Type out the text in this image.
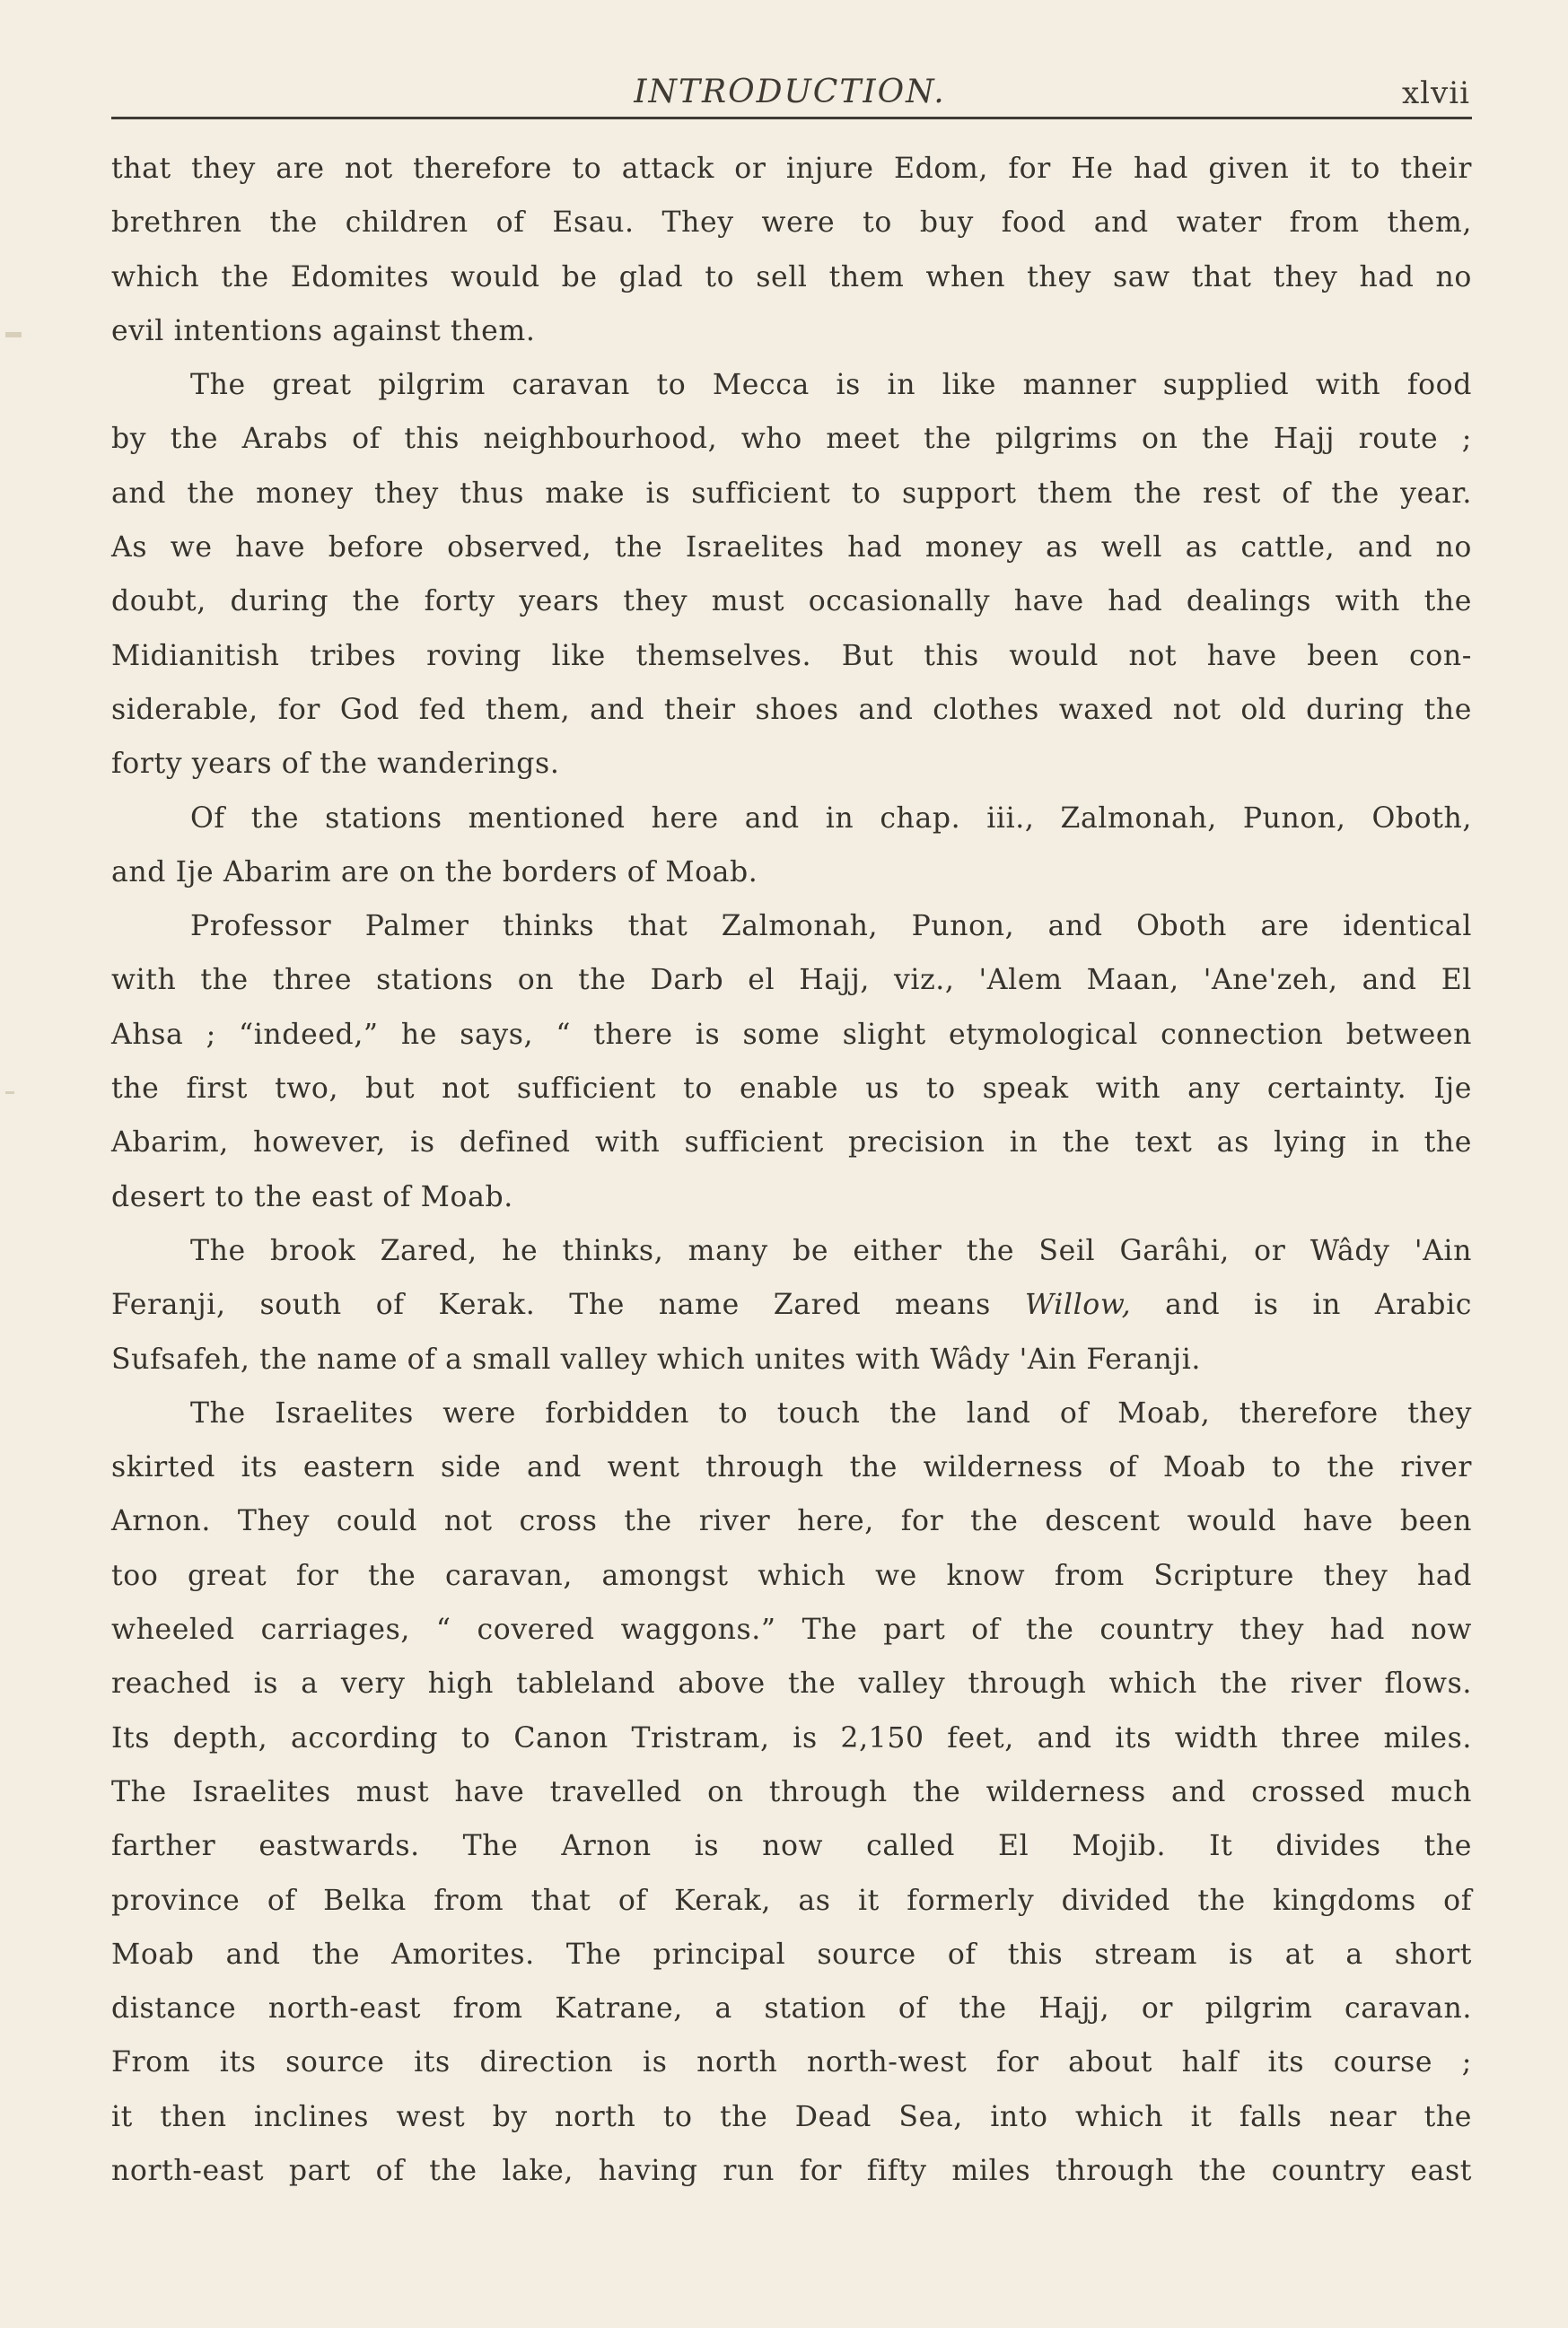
INTRODUCTION.	xlvii
that they are not therefore to attack or injure Edom, for He had given it to their
brethren the children of Esau. They were to buy food and water from them,
which the Edomites would be glad to sell them when they saw that they had no
evil intentions against them.
The great pilgrim caravan to Mecca is in like manner supplied with food
by the Arabs of this neighbourhood, who meet the pilgrims on the Hajj route ;
and the money they thus make is sufficient to support them the rest of the year.
As we have before observed, the Israelites had money as well as cattle, and no
doubt, during the forty years they must occasionally have had dealings with the
Midianitish tribes roving like themselves. But this would not have been con-
siderable, for God fed them, and their shoes and clothes waxed not old during the
forty years of the wanderings.
Of the stations mentioned here and in chap. iii., Zalmonah, Punon, Oboth,
and Ije Abarim are on the borders of Moab.
Professor Palmer thinks that Zalmonah, Punon, and Oboth are identical
with the three stations on the Darb el Hajj, viz., 'Alem Maan, 'Ane'zeh, and El
Ahsa ; “indeed,” he says, “ there is some slight etymological connection between
the first two, but not sufficient to enable us to speak with any certainty. Ije
Abarim, however, is defined with sufficient precision in the text as lying in the
desert to the east of Moab.
The brook Zared, he thinks, many be either the Seil Garâhi, or Wâdy 'Ain
Feranji, south of Kerak. The name Zared means Willow, and is in Arabic
Sufsafeh, the name of a small valley which unites with Wâdy 'Ain Feranji.
The Israelites were forbidden to touch the land of Moab, therefore they
skirted its eastern side and went through the wilderness of Moab to the river
Arnon. They could not cross the river here, for the descent would have been
too great for the caravan, amongst which we know from Scripture they had
wheeled carriages, “ covered waggons.” The part of the country they had now
reached is a very high tableland above the valley through which the river flows.
Its depth, according to Canon Tristram, is 2,150 feet, and its width three miles.
The Israelites must have travelled on through the wilderness and crossed much
farther eastwards. The Arnon is now called El Mojib. It divides the
province of Belka from that of Kerak, as it formerly divided the kingdoms of
Moab and the Amorites. The principal source of this stream is at a short
distance north-east from Katrane, a station of the Hajj, or pilgrim caravan.
From its source its direction is north north-west for about half its course ;
it then inclines west by north to the Dead Sea, into which it falls near the
north-east part of the lake, having run for fifty miles through the country east
